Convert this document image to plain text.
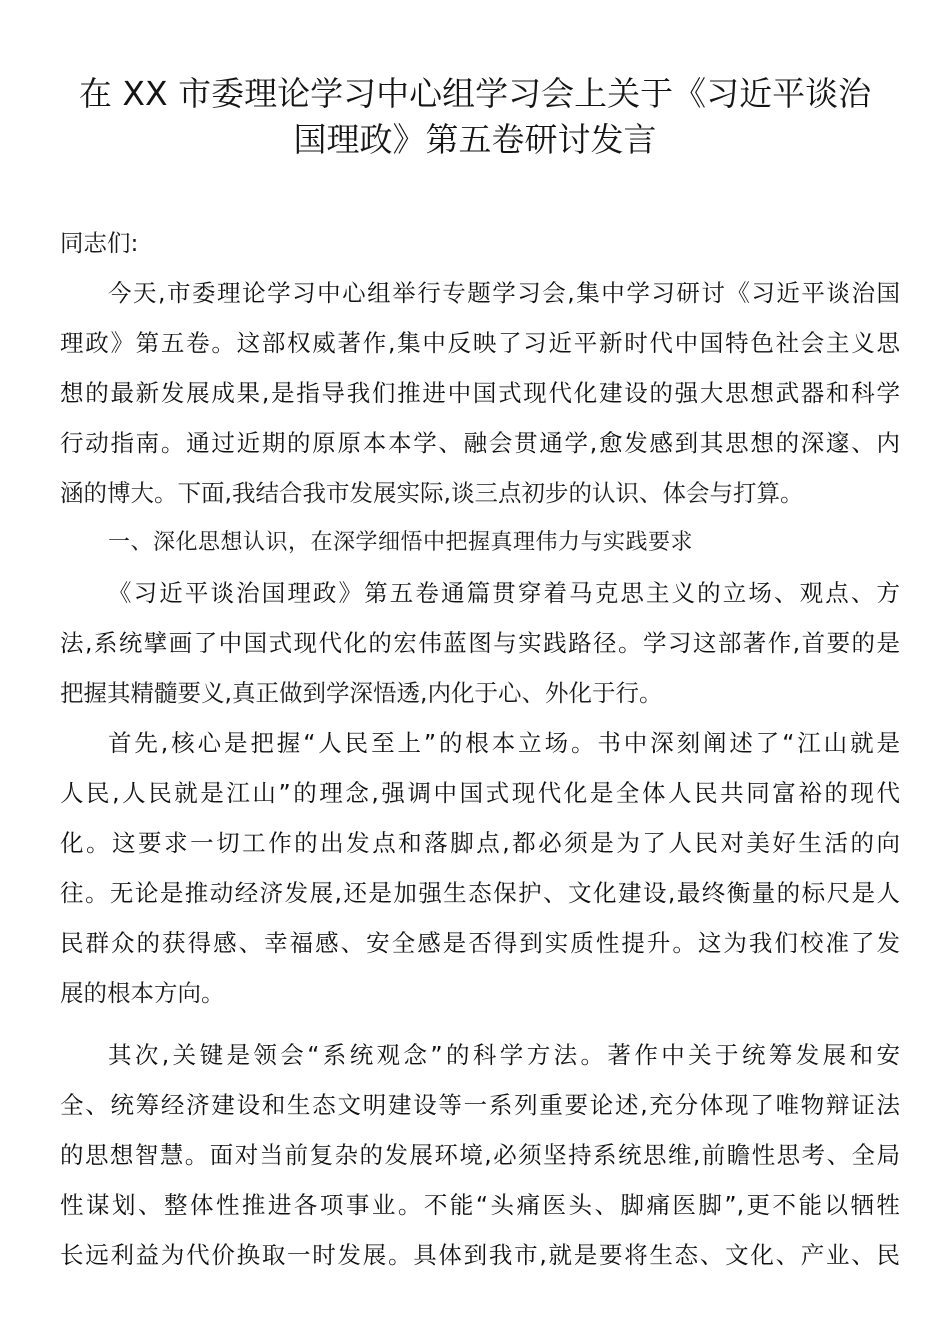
在 XX 市委理论学习中心组学习会上关于《习近平谈治
国理政》第五卷研讨发言
同志们:
今天,市委理论学习中心组举行专题学习会,集中学习研讨《习近平谈治国
理政》第五卷。这部权威著作,集中反映了习近平新时代中国特色社会主义思
想的最新发展成果,是指导我们推进中国式现代化建设的强大思想武器和科学
行动指南。通过近期的原原本本学、融会贯通学,愈发感到其思想的深邃、内
涵的博大。下面,我结合我市发展实际,谈三点初步的认识、体会与打算。
一、深化思想认识，在深学细悟中把握真理伟力与实践要求
《习近平谈治国理政》第五卷通篇贯穿着马克思主义的立场、观点、方
法,系统擘画了中国式现代化的宏伟蓝图与实践路径。学习这部著作,首要的是
把握其精髓要义,真正做到学深悟透,内化于心、外化于行。
首先,核心是把握“人民至上”的根本立场。书中深刻阐述了“江山就是
人民,人民就是江山”的理念,强调中国式现代化是全体人民共同富裕的现代
化。这要求一切工作的出发点和落脚点,都必须是为了人民对美好生活的向
往。无论是推动经济发展,还是加强生态保护、文化建设,最终衡量的标尺是人
民群众的获得感、幸福感、安全感是否得到实质性提升。这为我们校准了发
展的根本方向。
其次,关键是领会“系统观念”的科学方法。著作中关于统筹发展和安
全、统筹经济建设和生态文明建设等一系列重要论述,充分体现了唯物辩证法
的思想智慧。面对当前复杂的发展环境,必须坚持系统思维,前瞻性思考、全局
性谋划、整体性推进各项事业。不能“头痛医头、脚痛医脚”,更不能以牺牲
长远利益为代价换取一时发展。具体到我市,就是要将生态、文化、产业、民
